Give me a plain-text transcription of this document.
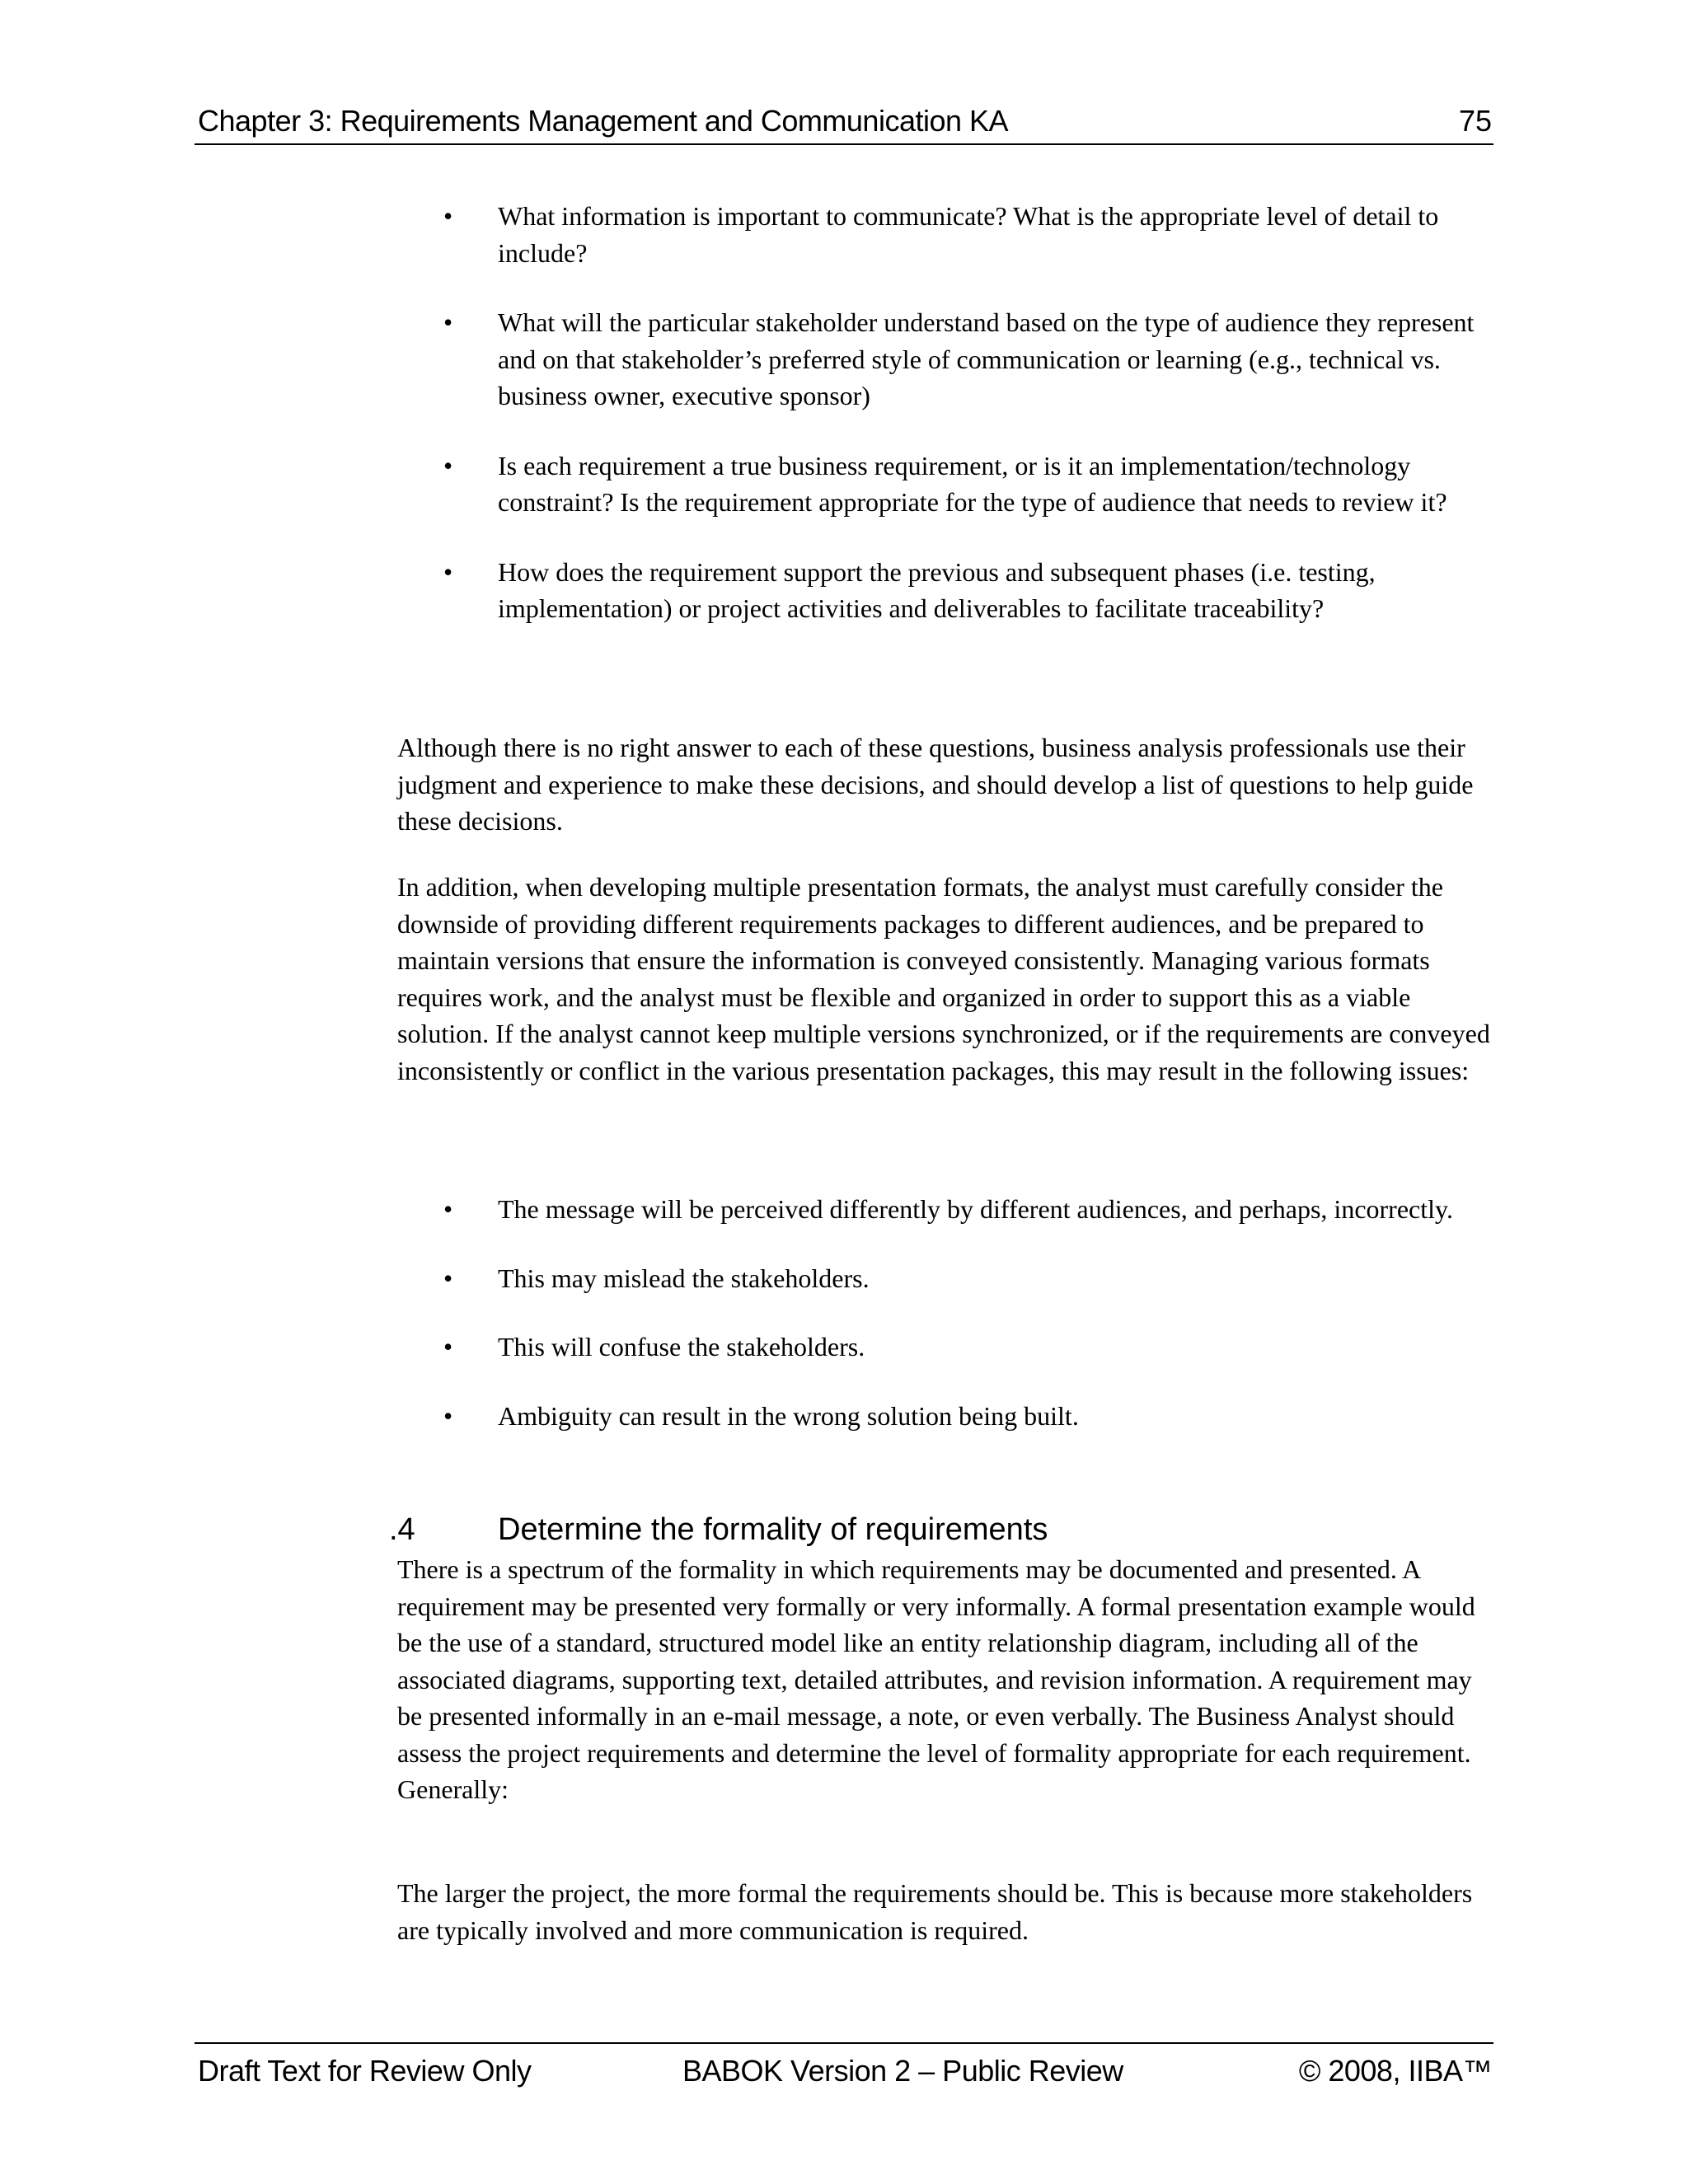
Chapter 3: Requirements Management and Communication KA	75
• What information is important to communicate? What is the appropriate level of detail to include?
• What will the particular stakeholder understand based on the type of audience they represent and on that stakeholder’s preferred style of communication or learning (e.g., technical vs. business owner, executive sponsor)
• Is each requirement a true business requirement, or is it an implementation/technology constraint? Is the requirement appropriate for the type of audience that needs to review it?
• How does the requirement support the previous and subsequent phases (i.e. testing, implementation) or project activities and deliverables to facilitate traceability?

Although there is no right answer to each of these questions, business analysis professionals use their judgment and experience to make these decisions, and should develop a list of questions to help guide these decisions.

In addition, when developing multiple presentation formats, the analyst must carefully consider the downside of providing different requirements packages to different audiences, and be prepared to maintain versions that ensure the information is conveyed consistently. Managing various formats requires work, and the analyst must be flexible and organized in order to support this as a viable solution. If the analyst cannot keep multiple versions synchronized, or if the requirements are conveyed inconsistently or conflict in the various presentation packages, this may result in the following issues:

• The message will be perceived differently by different audiences, and perhaps, incorrectly.
• This may mislead the stakeholders.
• This will confuse the stakeholders.
• Ambiguity can result in the wrong solution being built.
.4	Determine the formality of requirements

There is a spectrum of the formality in which requirements may be documented and presented. A requirement may be presented very formally or very informally. A formal presentation example would be the use of a standard, structured model like an entity relationship diagram, including all of the associated diagrams, supporting text, detailed attributes, and revision information. A requirement may be presented informally in an e-mail message, a note, or even verbally. The Business Analyst should assess the project requirements and determine the level of formality appropriate for each requirement. Generally:

The larger the project, the more formal the requirements should be. This is because more stakeholders are typically involved and more communication is required.

Draft Text for Review Only	BABOK Version 2 – Public Review	© 2008, IIBA™
